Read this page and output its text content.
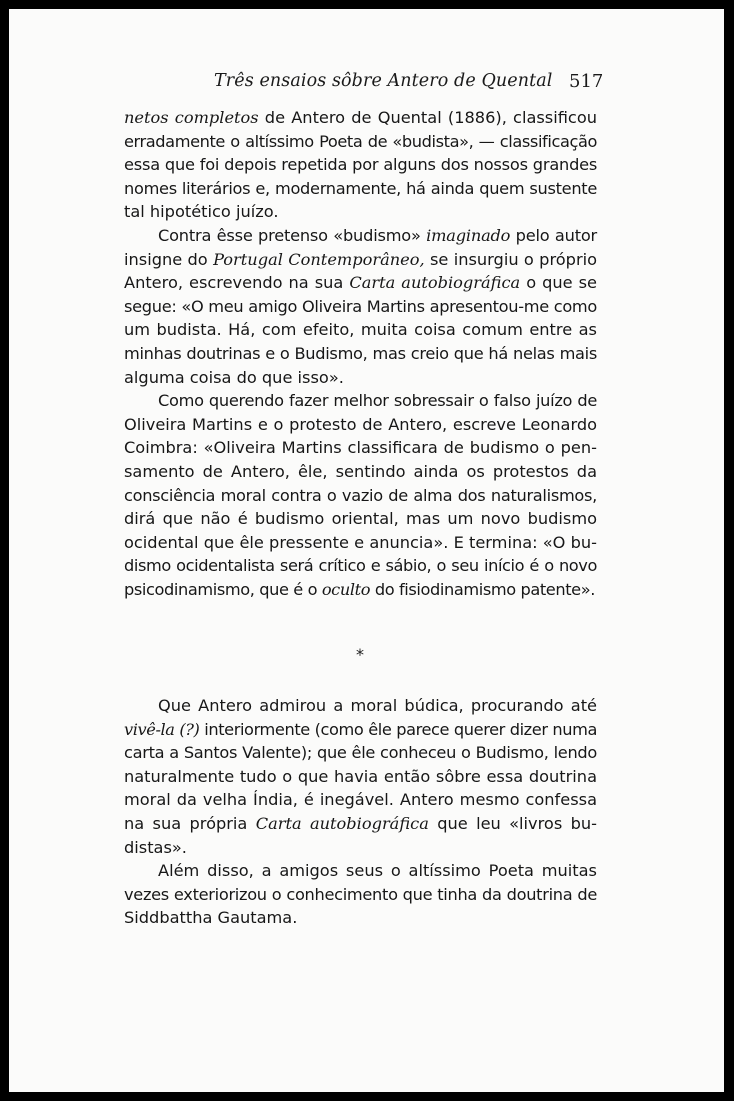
Três ensaios sôbre Antero de Quental 517

netos completos de Antero de Quental (1886), classificou
erradamente o altíssimo Poeta de «budista», — classificação
essa que foi depois repetida por alguns dos nossos grandes
nomes literários e, modernamente, há ainda quem sustente
tal hipotético juízo.

Contra êsse pretenso «budismo» imaginado pelo autor
insigne do Portugal Contemporâneo, se insurgiu o próprio
Antero, escrevendo na sua Carta autobiográfica o que se
segue: «O meu amigo Oliveira Martins apresentou-me como
um budista. Há, com efeito, muita coisa comum entre as
minhas doutrinas e o Budismo, mas creio que há nelas mais
alguma coisa do que isso».

Como querendo fazer melhor sobressair o falso juízo de
Oliveira Martins e o protesto de Antero, escreve Leonardo
Coimbra: «Oliveira Martins classificara de budismo o pen-
samento de Antero, êle, sentindo ainda os protestos da
consciência moral contra o vazio de alma dos naturalismos,
dirá que não é budismo oriental, mas um novo budismo
ocidental que êle pressente e anuncia». E termina: «O bu-
dismo ocidentalista será crítico e sábio, o seu início é o novo
psicodinamismo, que é o oculto do fisiodinamismo patente».

*

Que Antero admirou a moral búdica, procurando até
vivê-la (?) interiormente (como êle parece querer dizer numa
carta a Santos Valente); que êle conheceu o Budismo, lendo
naturalmente tudo o que havia então sôbre essa doutrina
moral da velha Índia, é inegável. Antero mesmo confessa
na sua própria Carta autobiográfica que leu «livros bu-
distas».

Além disso, a amigos seus o altíssimo Poeta muitas
vezes exteriorizou o conhecimento que tinha da doutrina de
Siddbattha Gautama.
